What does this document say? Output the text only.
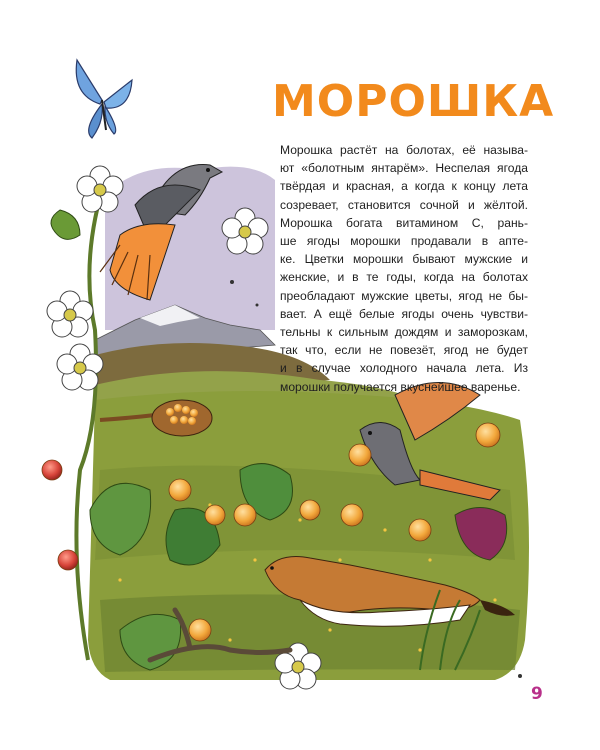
МОРОШКА
Морошка растёт на болотах, её называ-
ют «болотным янтарём». Неспелая ягода
твёрдая и красная, а когда к концу лета
созревает, становится сочной и жёлтой.
Морошка богата витамином С, рань-
ше ягоды морошки продавали в апте-
ке. Цветки морошки бывают мужские и
женские, и в те годы, когда на болотах
преобладают мужские цветы, ягод не бы-
вает. А ещё белые ягоды очень чувстви-
тельны к сильным дождям и заморозкам,
так что, если не повезёт, ягод не будет
и в случае холодного начала лета. Из
морошки получается вкуснейшее варенье.
9
